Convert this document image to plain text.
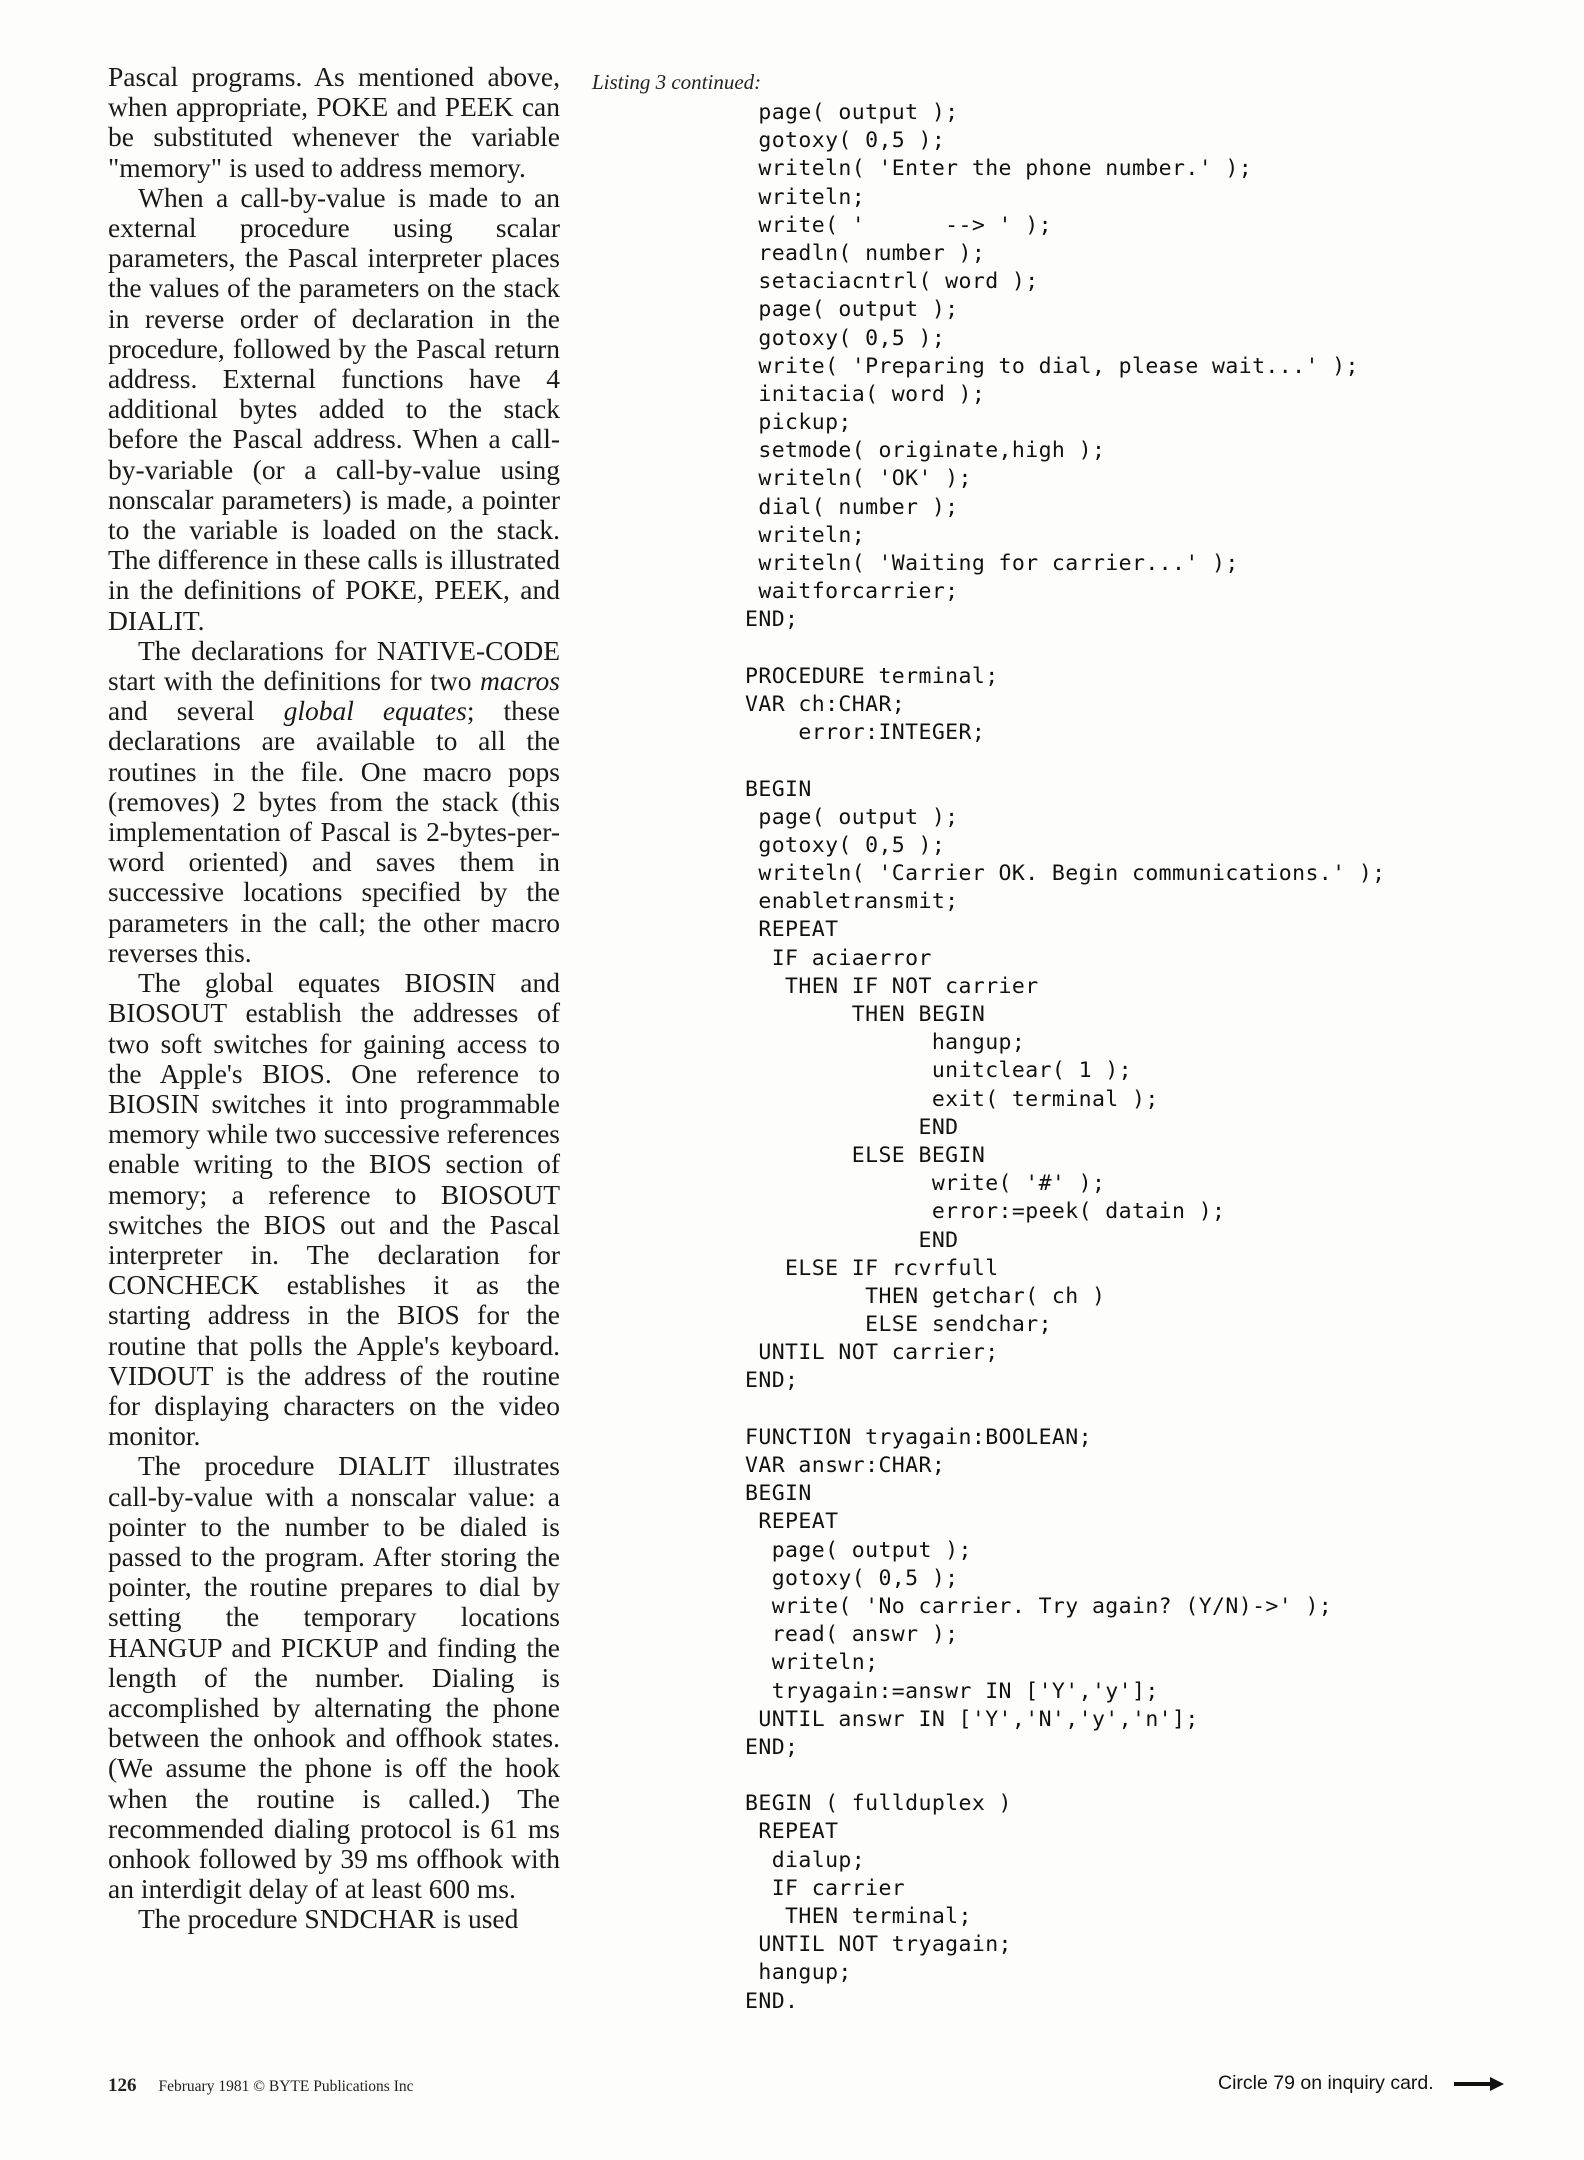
Pascal programs. As mentioned above, when appropriate, POKE and PEEK can be substituted whenever the variable "memory" is used to address memory.

When a call-by-value is made to an external procedure using scalar parameters, the Pascal interpreter places the values of the parameters on the stack in reverse order of declaration in the procedure, followed by the Pascal return address. External functions have 4 additional bytes added to the stack before the Pascal address. When a call-by-variable (or a call-by-value using nonscalar parameters) is made, a pointer to the variable is loaded on the stack. The difference in these calls is illustrated in the definitions of POKE, PEEK, and DIALIT.

The declarations for NATIVE-CODE start with the definitions for two macros and several global equates; these declarations are available to all the routines in the file. One macro pops (removes) 2 bytes from the stack (this implementation of Pascal is 2-bytes-per-word oriented) and saves them in successive locations specified by the parameters in the call; the other macro reverses this.

The global equates BIOSIN and BIOSOUT establish the addresses of two soft switches for gaining access to the Apple's BIOS. One reference to BIOSIN switches it into programmable memory while two successive references enable writing to the BIOS section of memory; a reference to BIOSOUT switches the BIOS out and the Pascal interpreter in. The declaration for CONCHECK establishes it as the starting address in the BIOS for the routine that polls the Apple's keyboard. VIDOUT is the address of the routine for displaying characters on the video monitor.

The procedure DIALIT illustrates call-by-value with a nonscalar value: a pointer to the number to be dialed is passed to the program. After storing the pointer, the routine prepares to dial by setting the temporary locations HANGUP and PICKUP and finding the length of the number. Dialing is accomplished by alternating the phone between the onhook and offhook states. (We assume the phone is off the hook when the routine is called.) The recommended dialing protocol is 61 ms onhook followed by 39 ms offhook with an interdigit delay of at least 600 ms.

The procedure SNDCHAR is used

Listing 3 continued:
page( output );
gotoxy( 0,5 );
writeln( 'Enter the phone number.' );
writeln;
write( '      --> ' );
readln( number );
setaciacntrl( word );
page( output );
gotoxy( 0,5 );
write( 'Preparing to dial, please wait...' );
initacia( word );
pickup;
setmode( originate,high );
writeln( 'OK' );
dial( number );
writeln;
writeln( 'Waiting for carrier...' );
waitforcarrier;
END;

PROCEDURE terminal;
VAR ch:CHAR;
error:INTEGER;

BEGIN
page( output );
gotoxy( 0,5 );
writeln( 'Carrier OK. Begin communications.' );
enabletransmit;
REPEAT
IF aciaerror
THEN IF NOT carrier
THEN BEGIN
hangup;
unitclear( 1 );
exit( terminal );
END
ELSE BEGIN
write( '#' );
error:=peek( datain );
END
ELSE IF rcvrfull
THEN getchar( ch )
ELSE sendchar;
UNTIL NOT carrier;
END;

FUNCTION tryagain:BOOLEAN;
VAR answr:CHAR;
BEGIN
REPEAT
page( output );
gotoxy( 0,5 );
write( 'No carrier. Try again? (Y/N)->' );
read( answr );
writeln;
tryagain:=answr IN ['Y','y'];
UNTIL answr IN ['Y','N','y','n'];
END;

BEGIN ( fullduplex )
REPEAT
dialup;
IF carrier
THEN terminal;
UNTIL NOT tryagain;
hangup;
END.
126 February 1981 © BYTE Publications Inc	Circle 79 on inquiry card.
